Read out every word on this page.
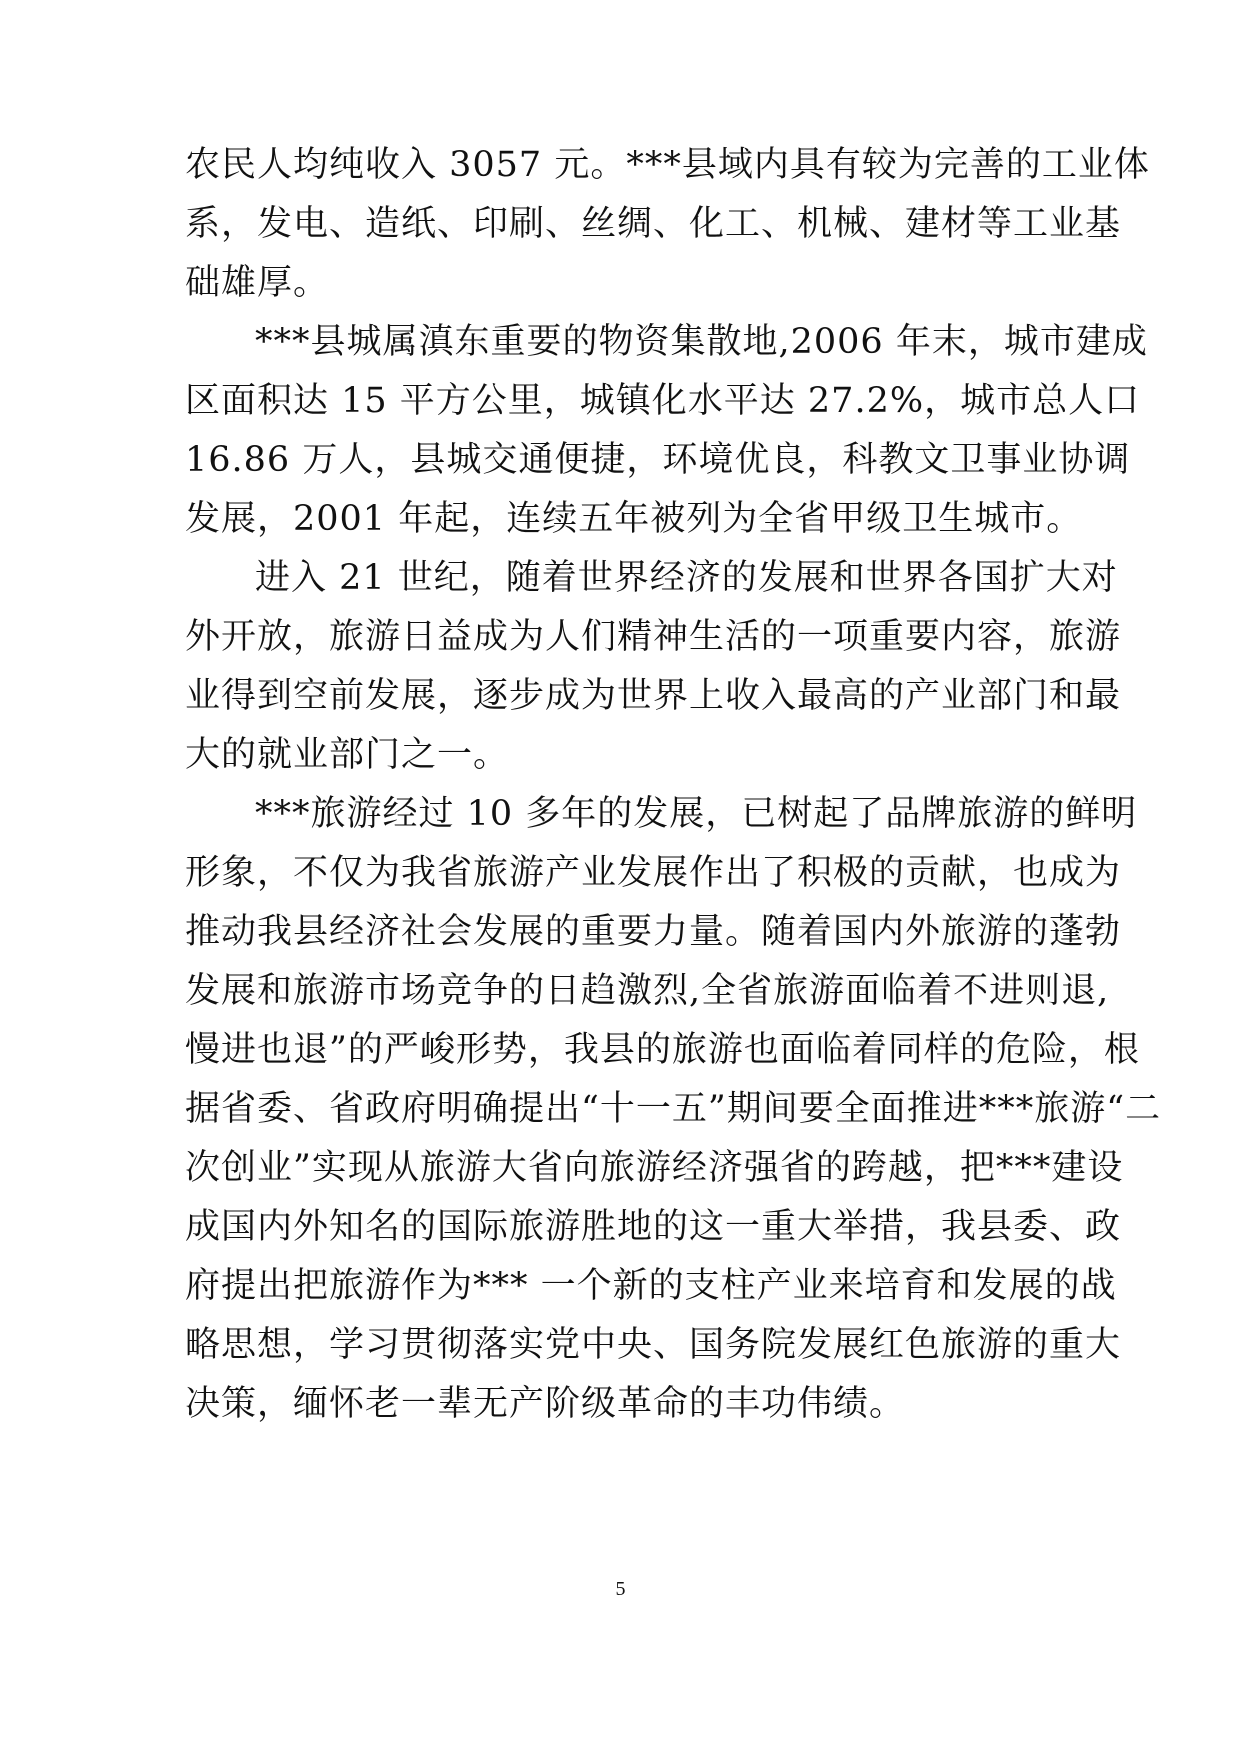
农民人均纯收入 3057 元。***县域内具有较为完善的工业体
系，发电、造纸、印刷、丝绸、化工、机械、建材等工业基
础雄厚。
***县城属滇东重要的物资集散地,2006 年末，城市建成
区面积达 15 平方公里，城镇化水平达 27.2%，城市总人口
16.86 万人，县城交通便捷，环境优良，科教文卫事业协调
发展，2001 年起，连续五年被列为全省甲级卫生城市。
进入 21 世纪，随着世界经济的发展和世界各国扩大对
外开放，旅游日益成为人们精神生活的一项重要内容，旅游
业得到空前发展，逐步成为世界上收入最高的产业部门和最
大的就业部门之一。
***旅游经过 10 多年的发展，已树起了品牌旅游的鲜明
形象，不仅为我省旅游产业发展作出了积极的贡献，也成为
推动我县经济社会发展的重要力量。随着国内外旅游的蓬勃
发展和旅游市场竞争的日趋激烈,全省旅游面临着不进则退,
慢进也退”的严峻形势，我县的旅游也面临着同样的危险，根
据省委、省政府明确提出“十一五”期间要全面推进***旅游“二
次创业”实现从旅游大省向旅游经济强省的跨越，把***建设
成国内外知名的国际旅游胜地的这一重大举措，我县委、政
府提出把旅游作为*** 一个新的支柱产业来培育和发展的战
略思想，学习贯彻落实党中央、国务院发展红色旅游的重大
决策，缅怀老一辈无产阶级革命的丰功伟绩。
5
